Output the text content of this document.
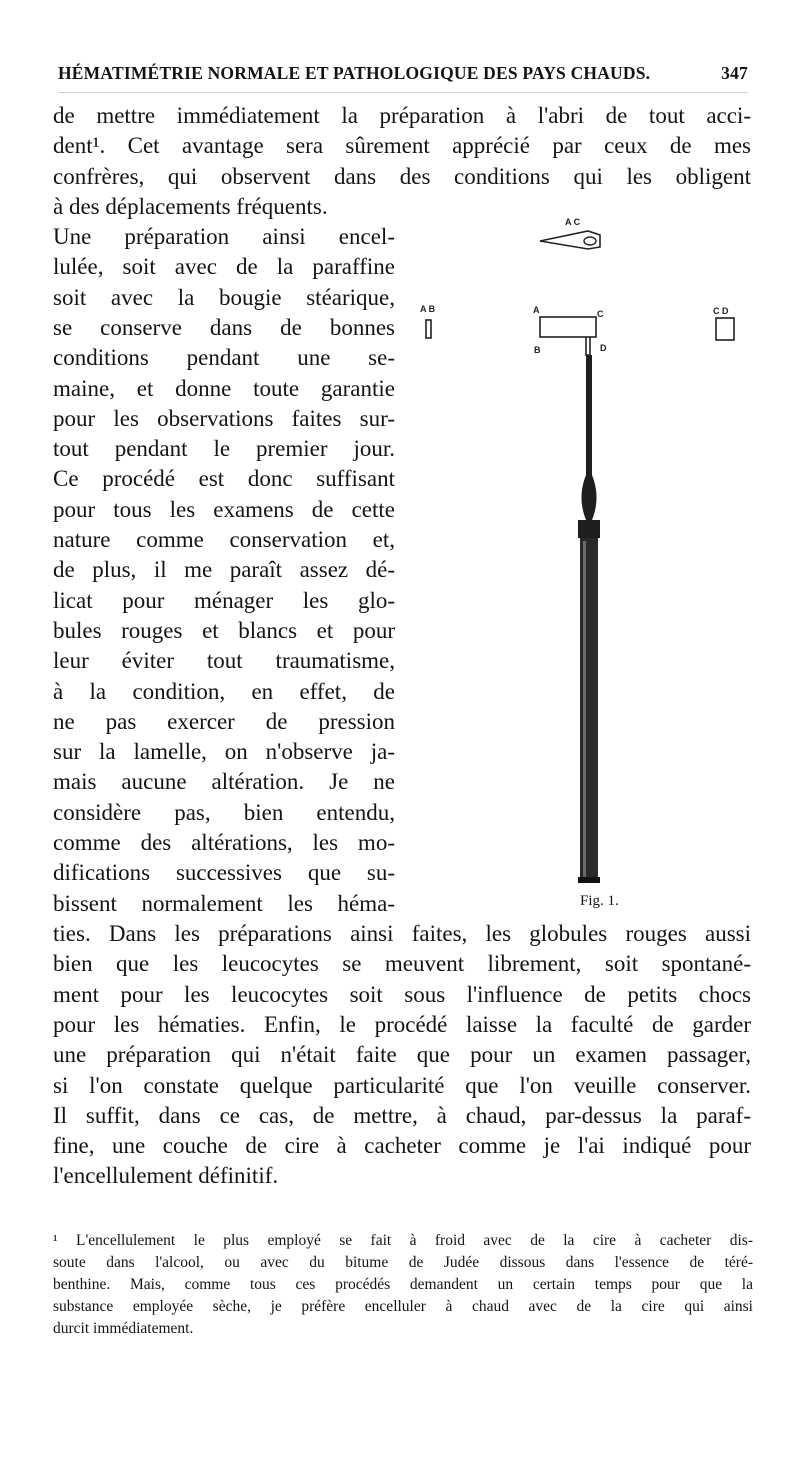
HÉMATIMÉTRIE NORMALE ET PATHOLOGIQUE DES PAYS CHAUDS.	347
de mettre immédiatement la préparation à l'abri de tout acci-
dent¹. Cet avantage sera sûrement apprécié par ceux de mes
confrères, qui observent dans des conditions qui les obligent
à des déplacements fréquents.
Une préparation ainsi encel-
lulée, soit avec de la paraffine
soit avec la bougie stéarique,
se conserve dans de bonnes
conditions pendant une se-
maine, et donne toute garantie
pour les observations faites sur-
tout pendant le premier jour.
Ce procédé est donc suffisant
pour tous les examens de cette
nature comme conservation et,
de plus, il me paraît assez dé-
licat pour ménager les glo-
bules rouges et blancs et pour
leur éviter tout traumatisme,
à la condition, en effet, de
ne pas exercer de pression
sur la lamelle, on n'observe ja-
mais aucune altération. Je ne
considère pas, bien entendu,
comme des altérations, les mo-
difications successives que su-
bissent normalement les héma-
ties. Dans les préparations ainsi faites, les globules rouges aussi
bien que les leucocytes se meuvent librement, soit spontané-
ment pour les leucocytes soit sous l'influence de petits chocs
pour les hématies. Enfin, le procédé laisse la faculté de garder
une préparation qui n'était faite que pour un examen passager,
si l'on constate quelque particularité que l'on veuille conserver.
Il suffit, dans ce cas, de mettre, à chaud, par-dessus la paraf-
fine, une couche de cire à cacheter comme je l'ai indiqué pour
l'encellulement définitif.
¹ L'encellulement le plus employé se fait à froid avec de la cire à cacheter dis-
soute dans l'alcool, ou avec du bitume de Judée dissous dans l'essence de téré-
benthine. Mais, comme tous ces procédés demandent un certain temps pour que la
substance employée sèche, je préfère encelluler à chaud avec de la cire qui ainsi
durcit immédiatement.
A C
A B	C D
A	C
B	D
Fig. 1.
